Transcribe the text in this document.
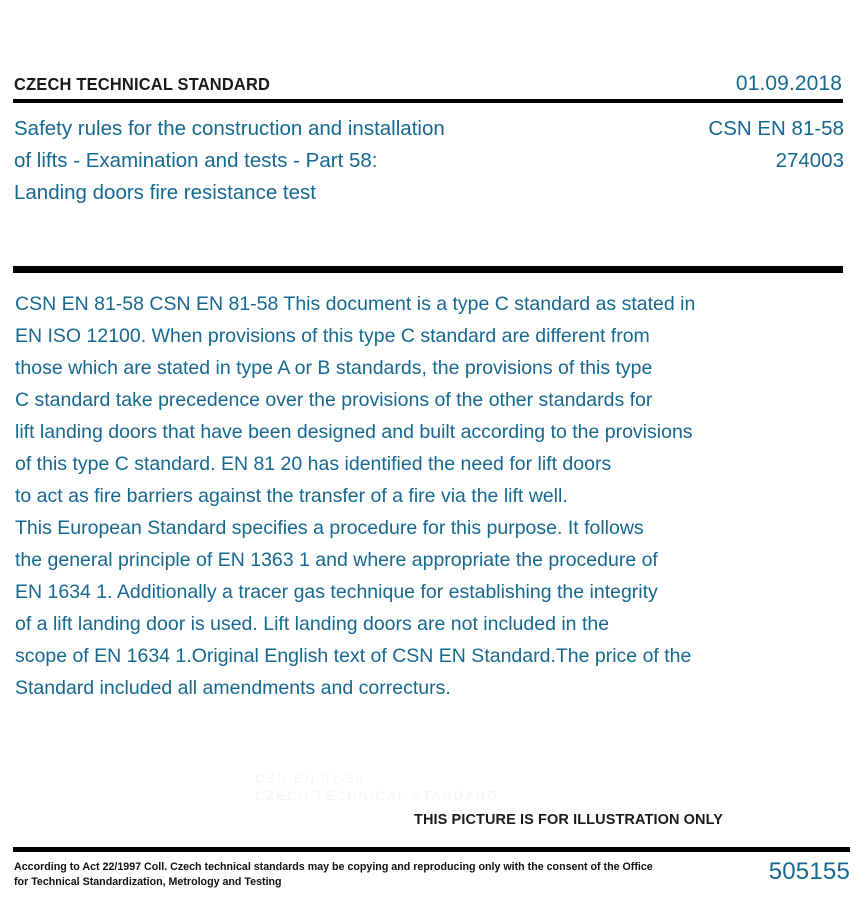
CZECH TECHNICAL STANDARD	01.09.2018
Safety rules for the construction and installation
of lifts - Examination and tests - Part 58:
Landing doors fire resistance test
CSN EN 81-58
274003
CSN EN 81-58 CSN EN 81-58 This document is a type C standard as stated in
EN ISO 12100. When provisions of this type C standard are different from
those which are stated in type A or B standards, the provisions of this type
C standard take precedence over the provisions of the other standards for
lift landing doors that have been designed and built according to the provisions
of this type C standard. EN 81 20 has identified the need for lift doors
to act as fire barriers against the transfer of a fire via the lift well.
This European Standard specifies a procedure for this purpose. It follows
the general principle of EN 1363 1 and where appropriate the procedure of
EN 1634 1. Additionally a tracer gas technique for establishing the integrity
of a lift landing door is used. Lift landing doors are not included in the
scope of EN 1634 1.Original English text of CSN EN Standard.The price of the
Standard included all amendments and correcturs.
THIS PICTURE IS FOR ILLUSTRATION ONLY
According to Act 22/1997 Coll. Czech technical standards may be copying and reproducing only with the consent of the Office
for Technical Standardization, Metrology and Testing	505155
